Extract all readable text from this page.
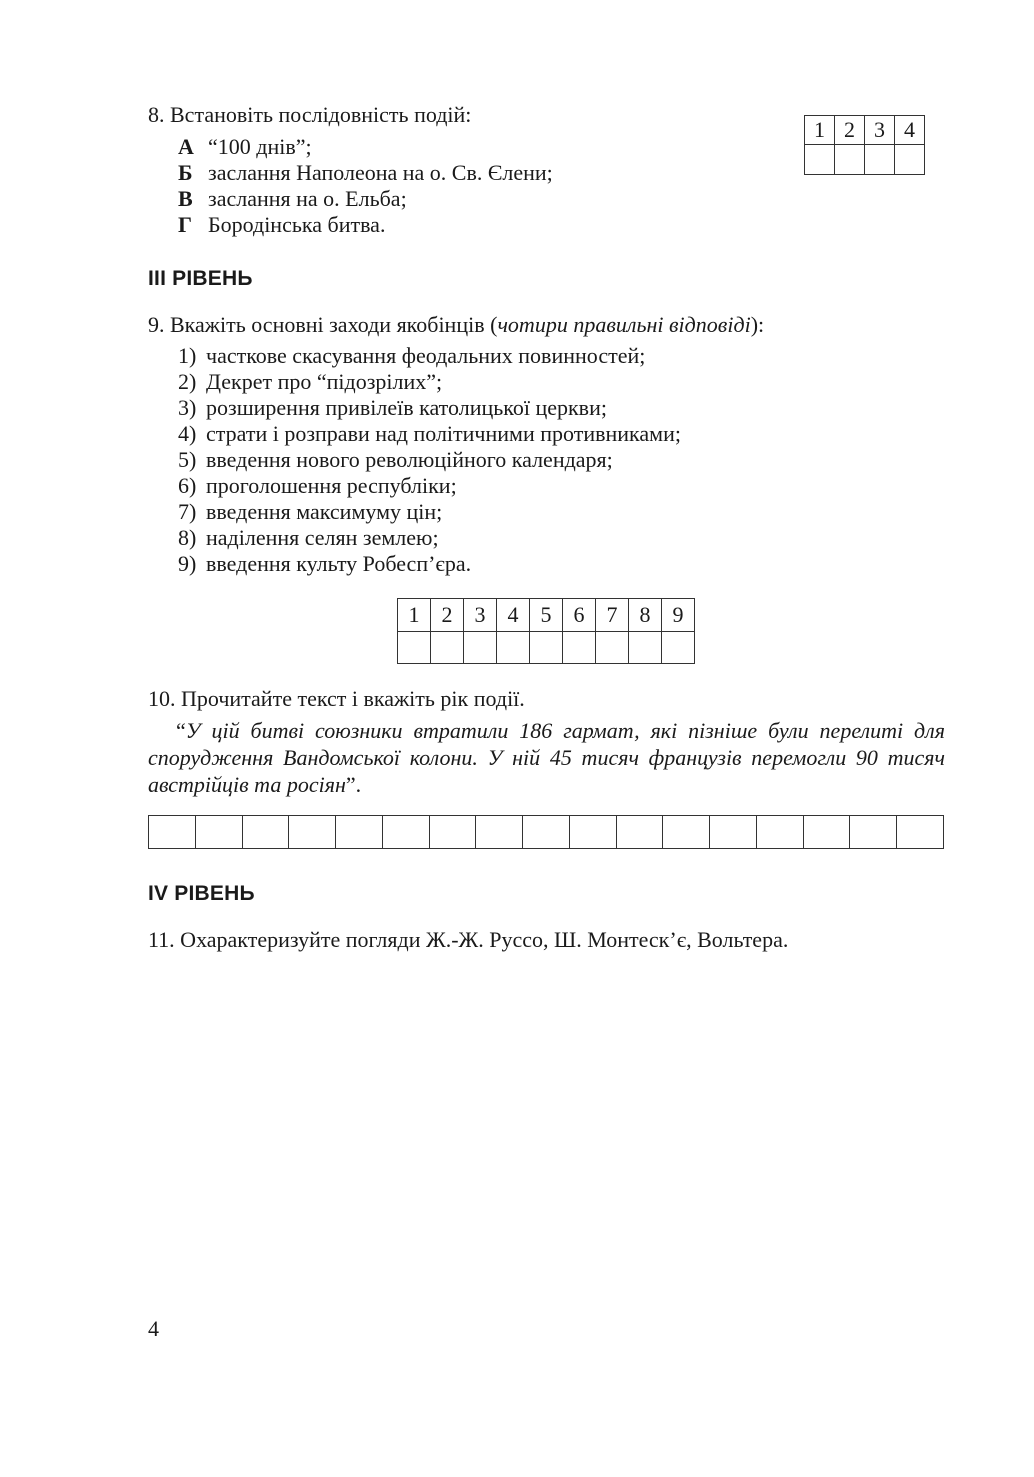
8. Встановіть послідовність подій:
А “100 днів”;
Б заслання Наполеона на о. Св. Єлени;
В заслання на о. Ельба;
Г Бородінська битва.
1	2	3	4

III РІВЕНЬ
9. Вкажіть основні заходи якобінців (чотири правильні відповіді):
1) часткове скасування феодальних повинностей;
2) Декрет про “підозрілих”;
3) розширення привілеїв католицької церкви;
4) страти і розправи над політичними противниками;
5) введення нового революційного календаря;
6) проголошення республіки;
7) введення максимуму цін;
8) наділення селян землею;
9) введення культу Робесп’єра.
1	2	3	4	5	6	7	8	9

10. Прочитайте текст і вкажіть рік події.
“У цій битві союзники втратили 186 гармат, які пізніше були перелиті для спорудження Вандомської колони. У ній 45 тисяч французів перемогли 90 тисяч австрійців та росіян”.

IV РІВЕНЬ
11. Охарактеризуйте погляди Ж.-Ж. Руссо, Ш. Монтеск’є, Вольтера.
4
